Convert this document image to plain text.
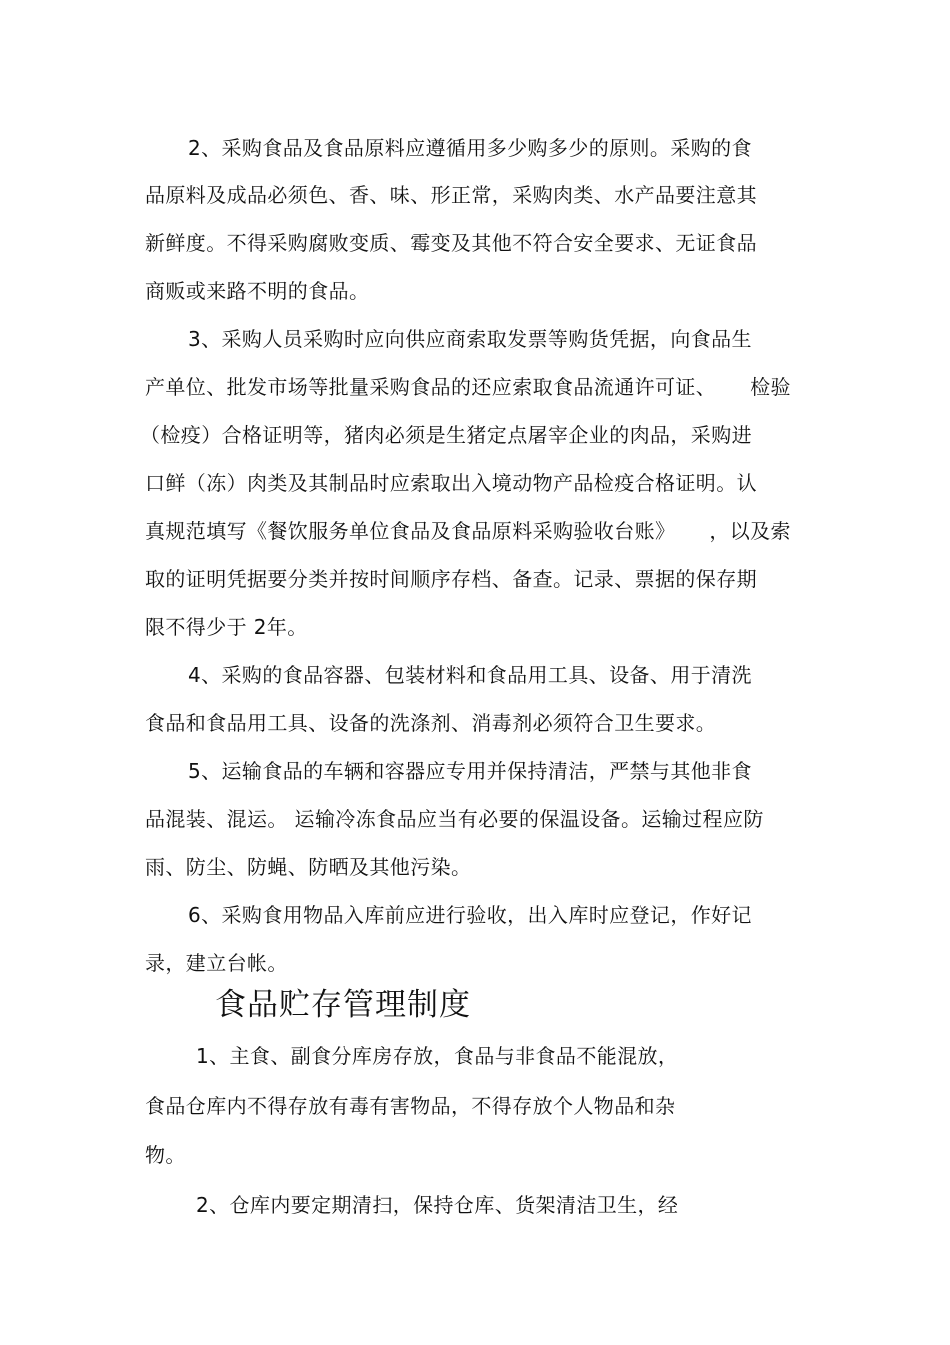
2、采购食品及食品原料应遵循用多少购多少的原则。采购的食
品原料及成品必须色、香、味、形正常，采购肉类、水产品要注意其
新鲜度。不得采购腐败变质、霉变及其他不符合安全要求、无证食品
商贩或来路不明的食品。
3、采购人员采购时应向供应商索取发票等购货凭据，向食品生
产单位、批发市场等批量采购食品的还应索取食品流通许可证、 　 检验
（检疫）合格证明等，猪肉必须是生猪定点屠宰企业的肉品，采购进
口鲜（冻）肉类及其制品时应索取出入境动物产品检疫合格证明。认
真规范填写《餐饮服务单位食品及食品原料采购验收台账》 　 ，以及索
取的证明凭据要分类并按时间顺序存档、备查。记录、票据的保存期
限不得少于 2年。
4、采购的食品容器、包装材料和食品用工具、设备、用于清洗
食品和食品用工具、设备的洗涤剂、消毒剂必须符合卫生要求。
5、运输食品的车辆和容器应专用并保持清洁，严禁与其他非食
品混装、混运。 运输冷冻食品应当有必要的保温设备。运输过程应防
雨、防尘、防蝇、防晒及其他污染。
6、采购食用物品入库前应进行验收，出入库时应登记，作好记
录，建立台帐。
食品贮存管理制度
1、主食、副食分库房存放，食品与非食品不能混放，
食品仓库内不得存放有毒有害物品，不得存放个人物品和杂
物。
2、仓库内要定期清扫，保持仓库、货架清洁卫生，经
